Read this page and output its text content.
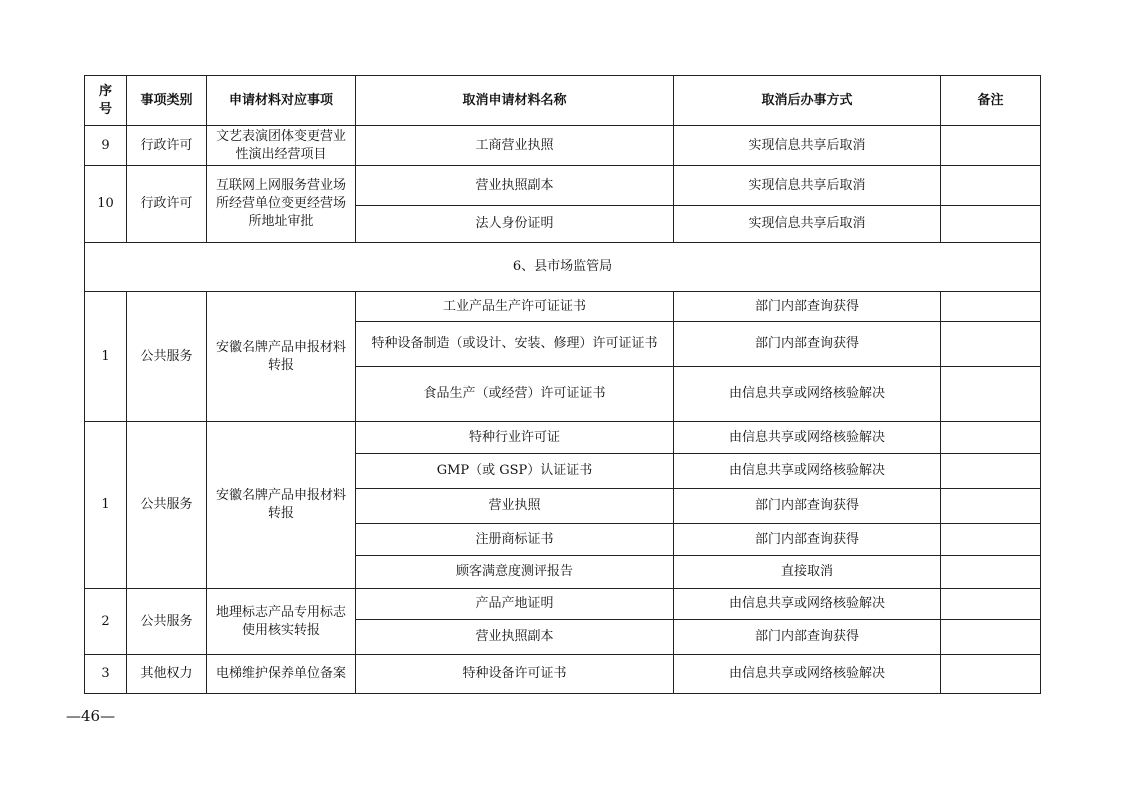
序号	事项类别	申请材料对应事项	取消申请材料名称	取消后办事方式	备注
9	行政许可	文艺表演团体变更营业性演出经营项目	工商营业执照	实现信息共享后取消	
10	行政许可	互联网上网服务营业场所经营单位变更经营场所地址审批	营业执照副本	实现信息共享后取消	
			法人身份证明	实现信息共享后取消	
6、县市场监管局					
1	公共服务	安徽名牌产品申报材料转报	工业产品生产许可证证书	部门内部查询获得	
			特种设备制造（或设计、安装、修理）许可证证书	部门内部查询获得	
			食品生产（或经营）许可证证书	由信息共享或网络核验解决	
1	公共服务	安徽名牌产品申报材料转报	特种行业许可证	由信息共享或网络核验解决	
			GMP（或 GSP）认证证书	由信息共享或网络核验解决	
			营业执照	部门内部查询获得	
			注册商标证书	部门内部查询获得	
			顾客满意度测评报告	直接取消	
2	公共服务	地理标志产品专用标志使用核实转报	产品产地证明	由信息共享或网络核验解决	
			营业执照副本	部门内部查询获得	
3	其他权力	电梯维护保养单位备案	特种设备许可证书	由信息共享或网络核验解决	
—46—
